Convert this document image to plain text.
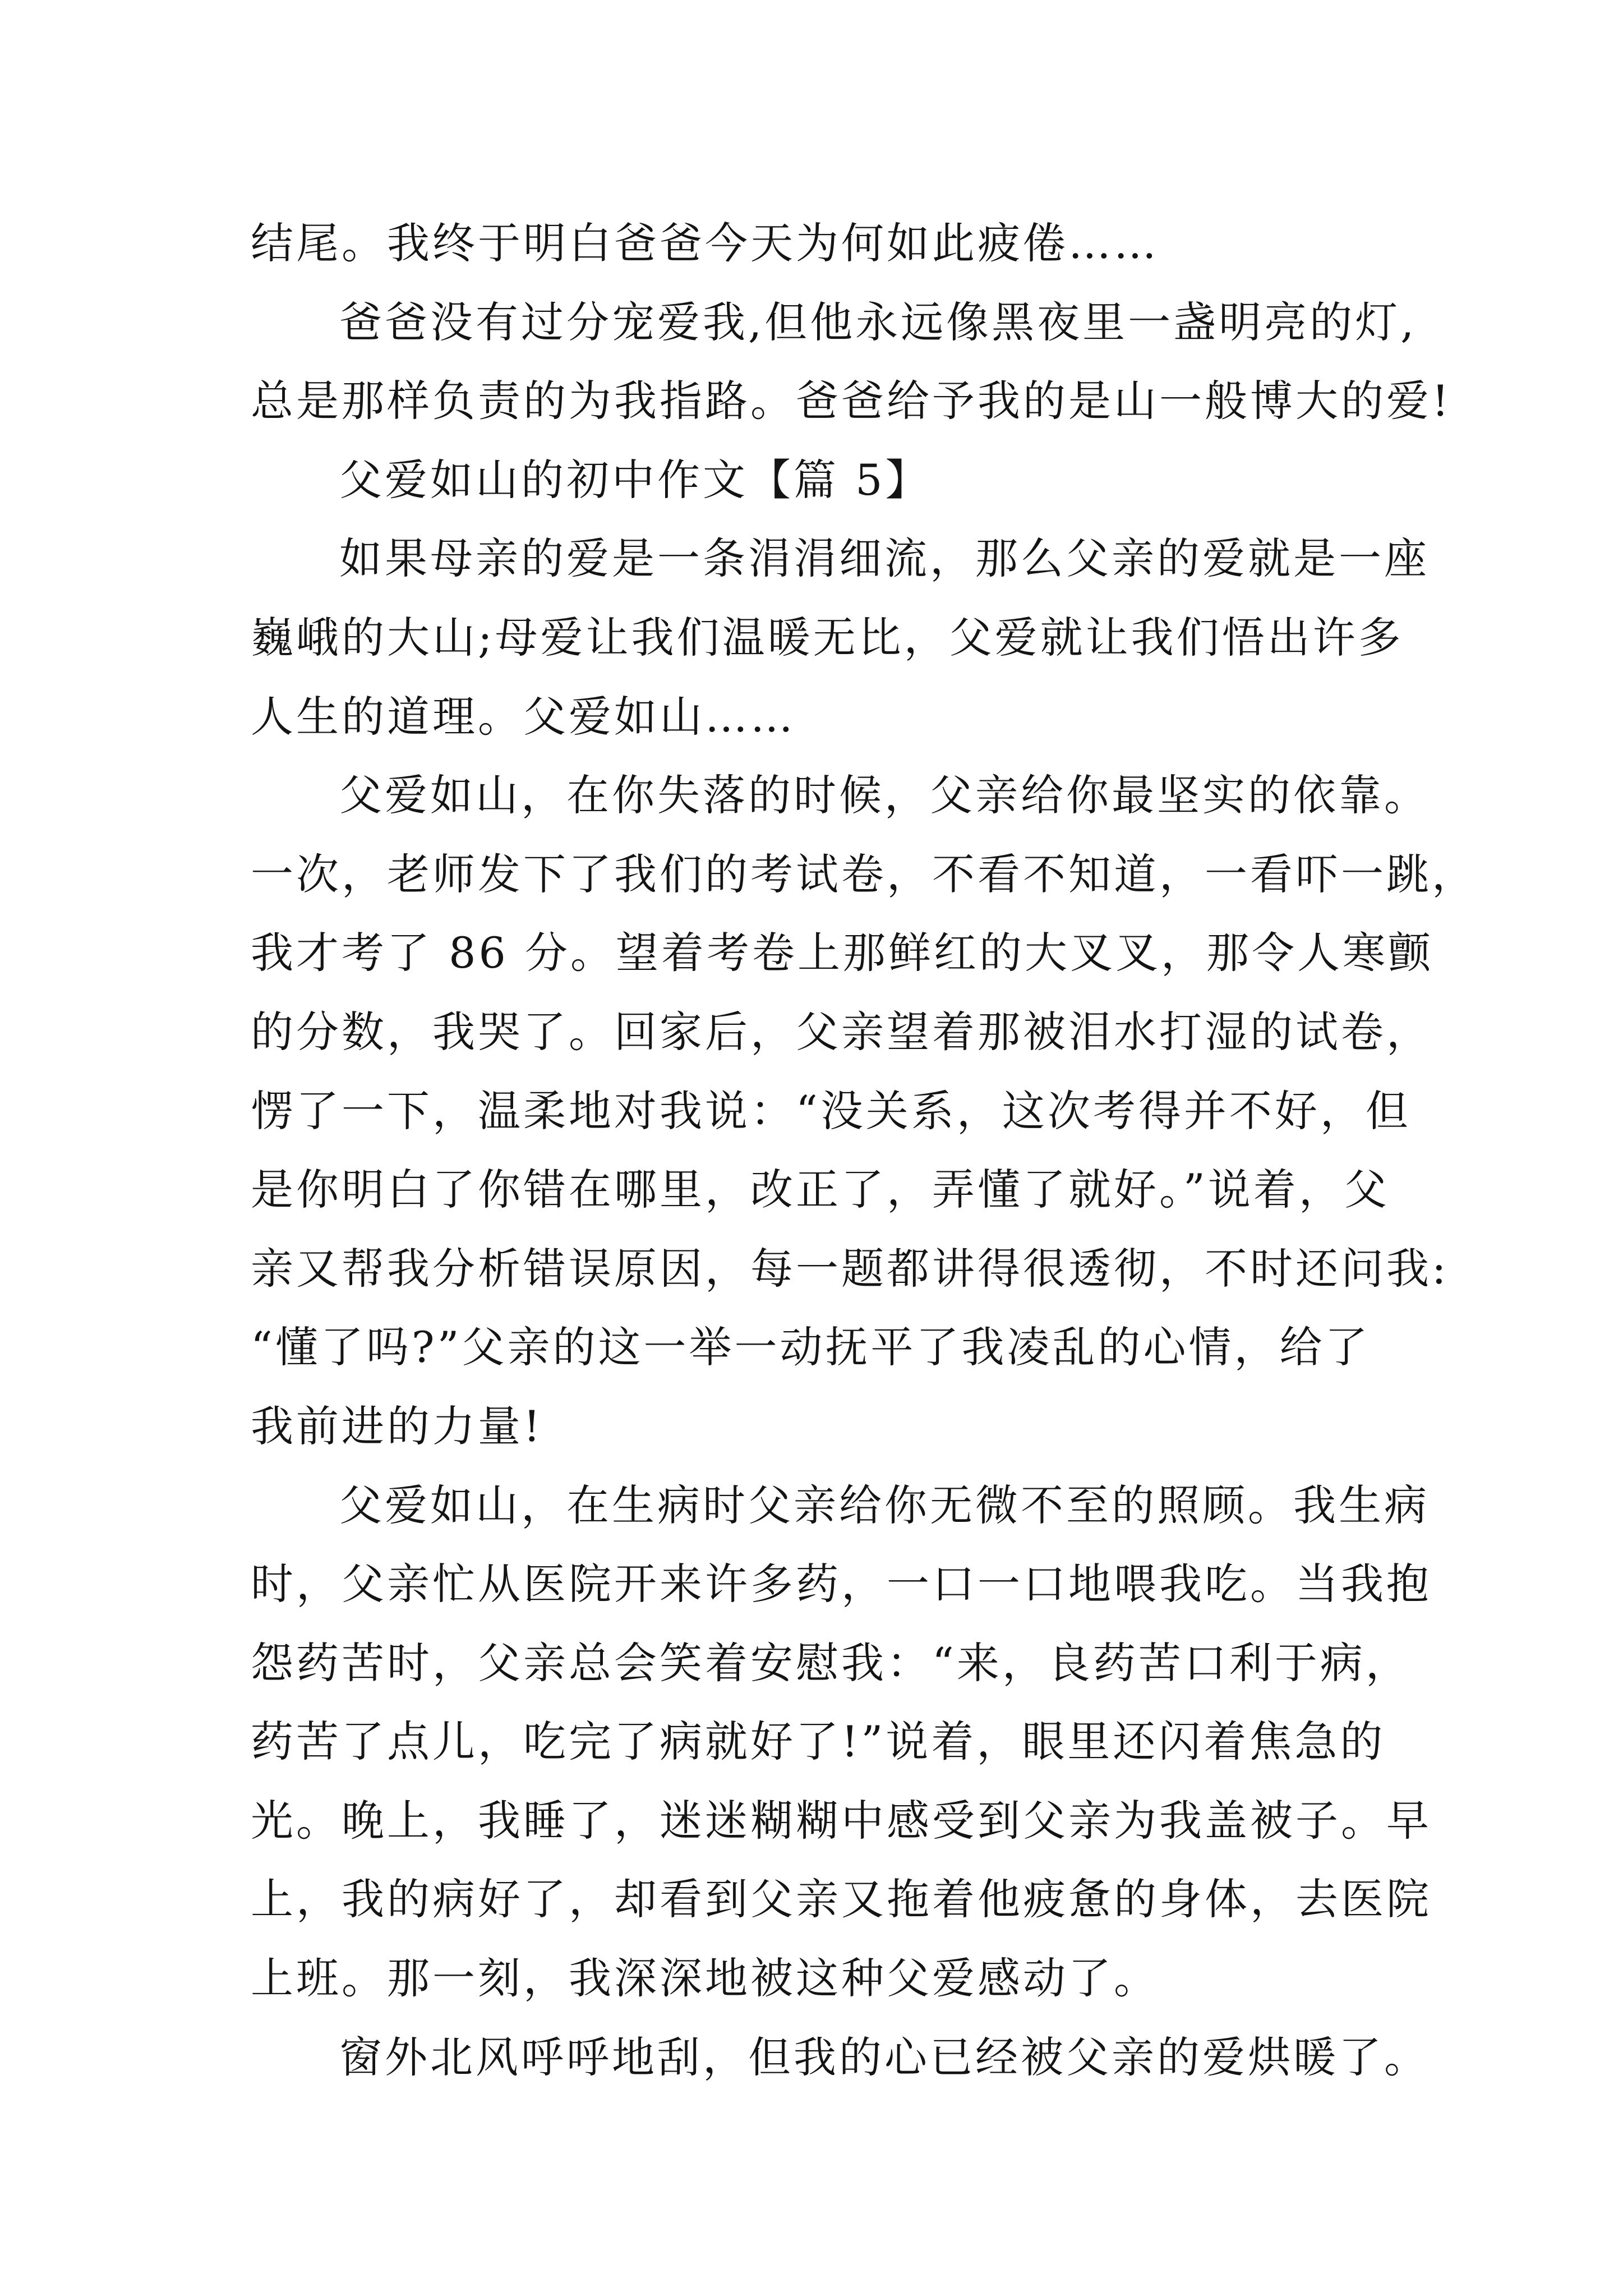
结尾。我终于明白爸爸今天为何如此疲倦……
爸爸没有过分宠爱我,但他永远像黑夜里一盏明亮的灯,
总是那样负责的为我指路。爸爸给予我的是山一般博大的爱!
父爱如山的初中作文【篇 5】
如果母亲的爱是一条涓涓细流，那么父亲的爱就是一座
巍峨的大山;母爱让我们温暖无比，父爱就让我们悟出许多
人生的道理。父爱如山……
父爱如山，在你失落的时候，父亲给你最坚实的依靠。
一次，老师发下了我们的考试卷，不看不知道，一看吓一跳，
我才考了 86 分。望着考卷上那鲜红的大叉叉，那令人寒颤
的分数，我哭了。回家后，父亲望着那被泪水打湿的试卷，
愣了一下，温柔地对我说：“没关系，这次考得并不好，但
是你明白了你错在哪里，改正了，弄懂了就好。”说着，父
亲又帮我分析错误原因，每一题都讲得很透彻，不时还问我:
“懂了吗?”父亲的这一举一动抚平了我凌乱的心情，给了
我前进的力量!
父爱如山，在生病时父亲给你无微不至的照顾。我生病
时，父亲忙从医院开来许多药，一口一口地喂我吃。当我抱
怨药苦时，父亲总会笑着安慰我：“来，良药苦口利于病，
药苦了点儿，吃完了病就好了!”说着，眼里还闪着焦急的
光。晚上，我睡了，迷迷糊糊中感受到父亲为我盖被子。早
上，我的病好了，却看到父亲又拖着他疲惫的身体，去医院
上班。那一刻，我深深地被这种父爱感动了。
窗外北风呼呼地刮，但我的心已经被父亲的爱烘暖了。
